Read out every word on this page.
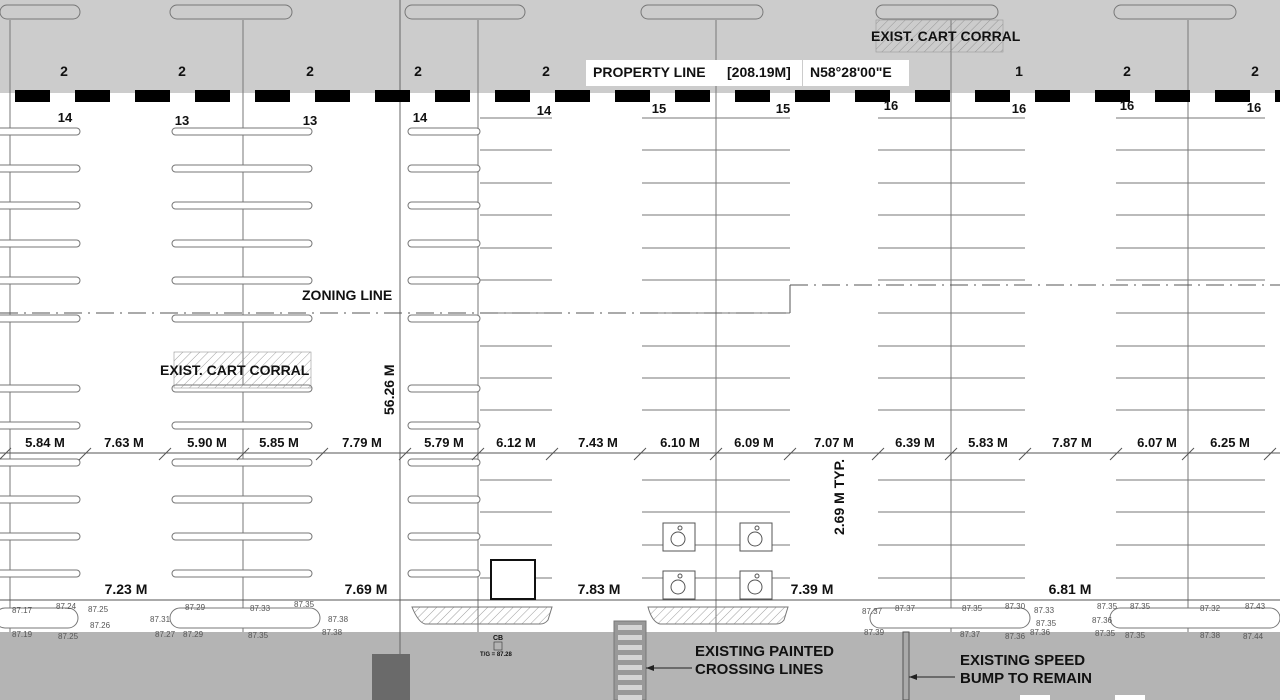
2	2	2	2	2	1	2	2
14	13	13	14	14	15	15	16	16	16	16
5.84 M	7.63 M	5.90 M 5.85 M	7.79 M	5.79 M 6.12 M	7.43 M	6.10 M	6.09 M	7.07 M	6.39 M	5.83 M	7.87 M	6.07 M	6.25 M
7.23 M	7.69 M	7.83 M	7.39 M	6.81 M
87.17	87.24 87.25
87.26
87.19	87.25
87.31
87.29	87.33	87.35
87.38
87.38
87.27 87.29	87.35
87.37 87.37	87.35	87.30 87.33
87.35
87.39	87.37	87.36 87.36
87.35 87.35
87.36
87.35 87.35
87.32	87.43
87.38	87.44
PROPERTY LINE [208.19M] N58°28'00"E
EXIST. CART CORRAL
EXIST. CART CORRAL
ZONING LINE
56.26 M
2.69 M TYP.
CB
T/G = 87.28	EXISTING PAINTED
CROSSING LINES
EXISTING SPEED
BUMP TO REMAIN
